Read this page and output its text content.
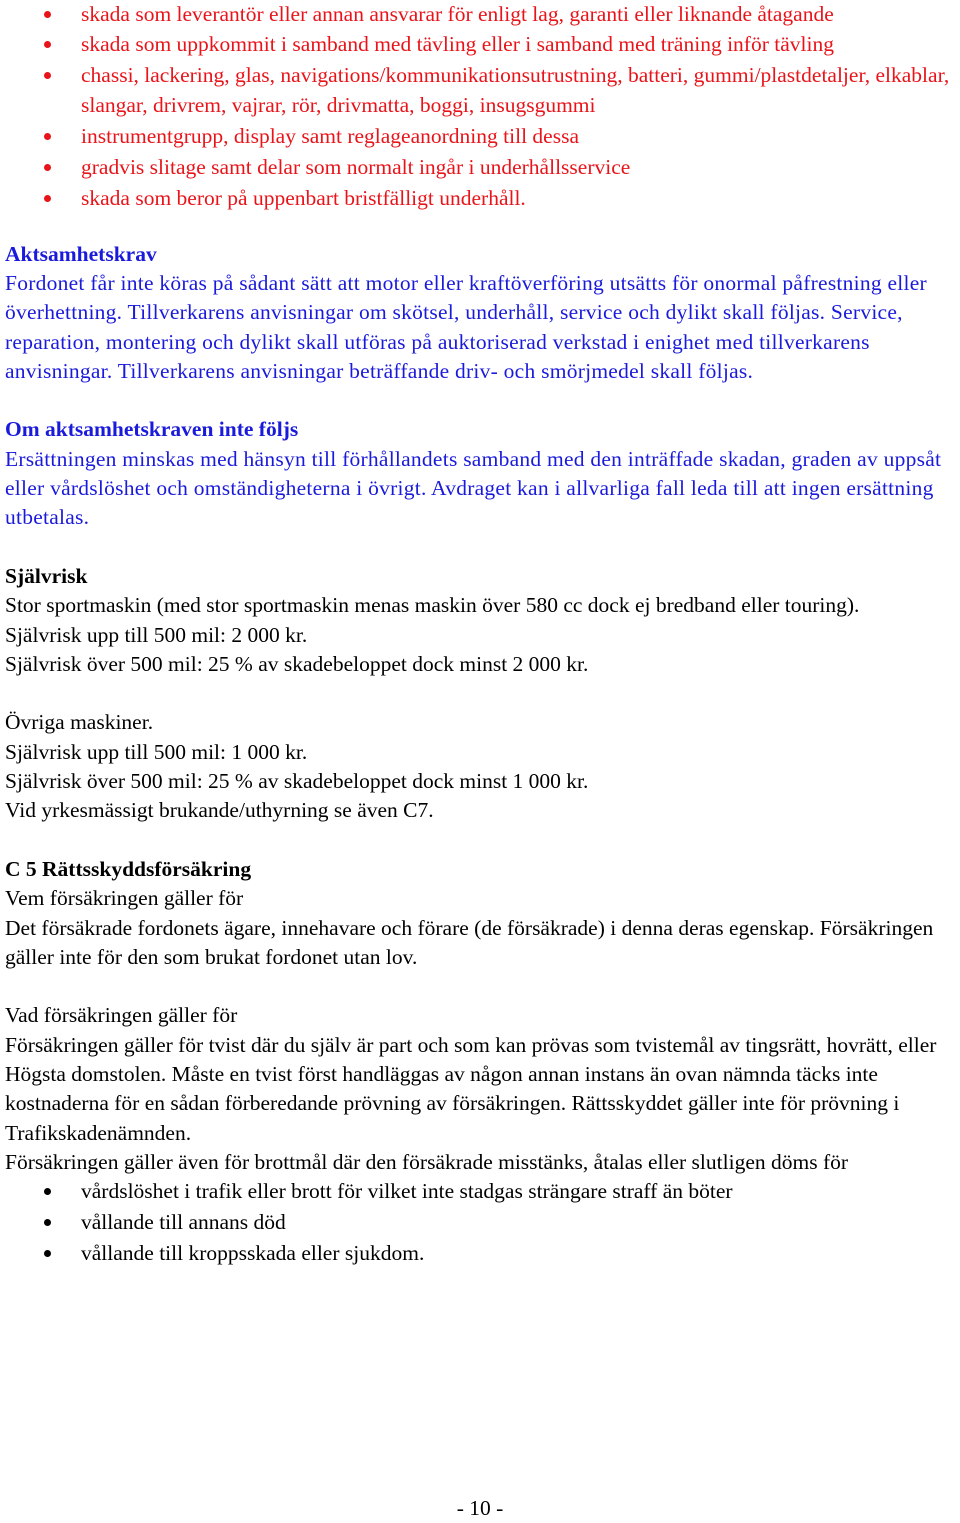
skada som leverantör eller annan ansvarar för enligt lag, garanti eller liknande åtagande
skada som uppkommit i samband med tävling eller i samband med träning inför tävling
chassi, lackering, glas, navigations/kommunikationsutrustning, batteri, gummi/plastdetaljer, elkablar, slangar, drivrem, vajrar, rör, drivmatta, boggi, insugsgummi
instrumentgrupp, display samt reglageanordning till dessa
gradvis slitage samt delar som normalt ingår i underhållsservice
skada som beror på uppenbart bristfälligt underhåll.

Aktsamhetskrav

Fordonet får inte köras på sådant sätt att motor eller kraftöverföring utsätts för onormal påfrestning eller överhettning. Tillverkarens anvisningar om skötsel, underhåll, service och dylikt skall följas. Service, reparation, montering och dylikt skall utföras på auktoriserad verkstad i enighet med tillverkarens anvisningar. Tillverkarens anvisningar beträffande driv- och smörjmedel skall följas.

Om aktsamhetskraven inte följs

Ersättningen minskas med hänsyn till förhållandets samband med den inträffade skadan, graden av uppsåt eller vårdslöshet och omständigheterna i övrigt. Avdraget kan i allvarliga fall leda till att ingen ersättning utbetalas.

Självrisk

Stor sportmaskin (med stor sportmaskin menas maskin över 580 cc dock ej bredband eller touring).

Självrisk upp till 500 mil: 2 000 kr.

Självrisk över 500 mil: 25 % av skadebeloppet dock minst 2 000 kr.

Övriga maskiner.

Självrisk upp till 500 mil: 1 000 kr.

Självrisk över 500 mil: 25 % av skadebeloppet dock minst 1 000 kr.

Vid yrkesmässigt brukande/uthyrning se även C7.

C 5 Rättsskyddsförsäkring

Vem försäkringen gäller för

Det försäkrade fordonets ägare, innehavare och förare (de försäkrade) i denna deras egenskap. Försäkringen gäller inte för den som brukat fordonet utan lov.

Vad försäkringen gäller för

Försäkringen gäller för tvist där du själv är part och som kan prövas som tvistemål av tingsrätt, hovrätt, eller Högsta domstolen. Måste en tvist först handläggas av någon annan instans än ovan nämnda täcks inte kostnaderna för en sådan förberedande prövning av försäkringen. Rättsskyddet gäller inte för prövning i Trafikskadenämnden.

Försäkringen gäller även för brottmål där den försäkrade misstänks, åtalas eller slutligen döms för

vårdslöshet i trafik eller brott för vilket inte stadgas strängare straff än böter
vållande till annans död
vållande till kroppsskada eller sjukdom.
- 10 -
